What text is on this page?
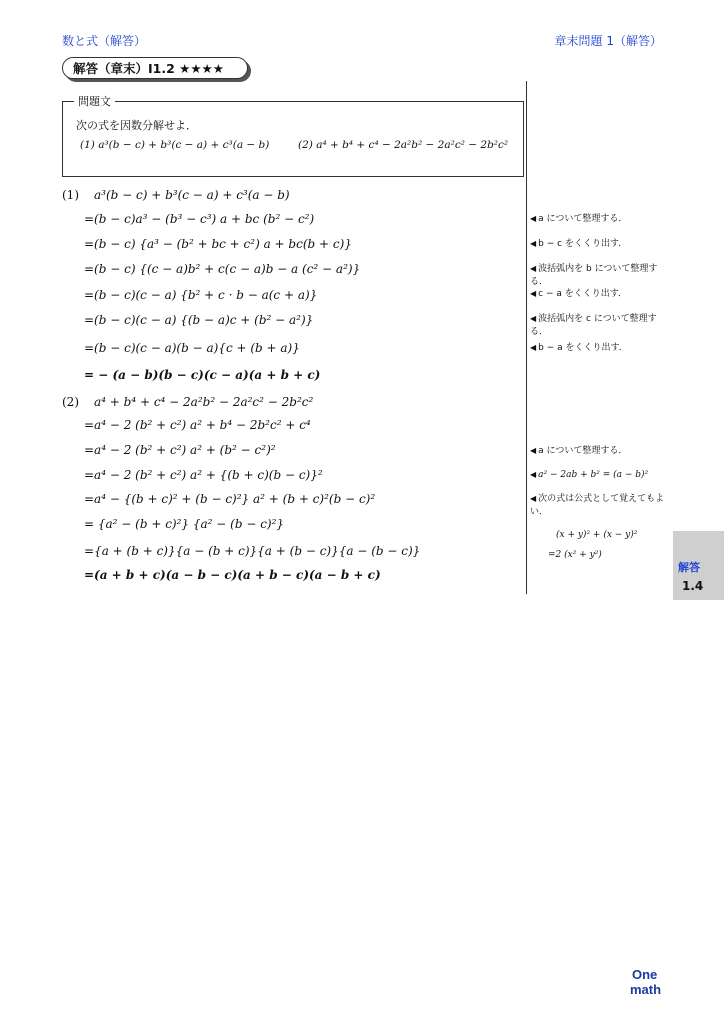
数と式（解答）	章末問題 1（解答）
解答（章末）I1.2 ★★★★
問題文
次の式を因数分解せよ．
(1) a³(b − c) + b³(c − a) + c³(a − b)	(2) a⁴ + b⁴ + c⁴ − 2a²b² − 2a²c² − 2b²c²
(1) a³(b − c) + b³(c − a) + c³(a − b)
=(b − c)a³ − (b³ − c³) a + bc (b² − c²)
=(b − c) {a³ − (b² + bc + c²) a + bc(b + c)}
=(b − c) {(c − a)b² + c(c − a)b − a (c² − a²)}
=(b − c)(c − a) {b² + c · b − a(c + a)}
=(b − c)(c − a) {(b − a)c + (b² − a²)}
=(b − c)(c − a)(b − a){c + (b + a)}
= − (a − b)(b − c)(c − a)(a + b + c)
(2) a⁴ + b⁴ + c⁴ − 2a²b² − 2a²c² − 2b²c²
=a⁴ − 2 (b² + c²) a² + b⁴ − 2b²c² + c⁴
=a⁴ − 2 (b² + c²) a² + (b² − c²)²
=a⁴ − 2 (b² + c²) a² + {(b + c)(b − c)}²
=a⁴ − {(b + c)² + (b − c)²} a² + (b + c)²(b − c)²
= {a² − (b + c)²} {a² − (b − c)²}
={a + (b + c)}{a − (b + c)}{a + (b − c)}{a − (b − c)}
=(a + b + c)(a − b − c)(a + b − c)(a − b + c)
◀ a について整理する．
◀ b − c をくくり出す．
◀ 波括弧内を b について整理する．
◀ c − a をくくり出す．
◀ 波括弧内を c について整理する．
◀ b − a をくくり出す．
◀ a について整理する．
◀ a² − 2ab + b² = (a − b)²
◀ 次の式は公式として覚えてもよい．
(x + y)² + (x − y)²
=2 (x² + y²)
解答
1.4
One
math
